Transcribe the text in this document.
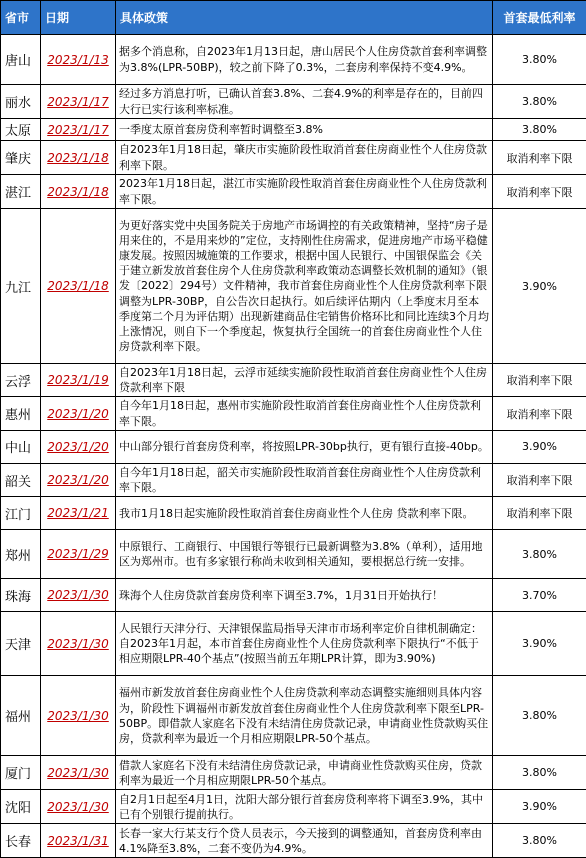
省市	日期	具体政策	首套最低利率
唐山	2023/1/13	据多个消息称，自2023年1月13日起，唐山居民个人住房贷款首套利率调整为3.8%(LPR-50BP)，较之前下降了0.3%，二套房利率保持不变4.9%。	3.80%
丽水	2023/1/17	经过多方消息打听，已确认首套3.8%、二套4.9%的利率是存在的，目前四大行已实行该利率标准。	3.80%
太原	2023/1/17	一季度太原首套房贷利率暂时调整至3.8%	3.80%
肇庆	2023/1/18	自2023年1月18日起，肇庆市实施阶段性取消首套住房商业性个人住房贷款利率下限。	取消利率下限
湛江	2023/1/18	2023年1月18日起，湛江市实施阶段性取消首套住房商业性个人住房贷款利率下限。	取消利率下限
九江	2023/1/18	为更好落实党中央国务院关于房地产市场调控的有关政策精神，坚持“房子是用来住的，不是用来炒的”定位，支持刚性住房需求，促进房地产市场平稳健康发展。按照因城施策的工作要求，根据中国人民银行、中国银保监会《关于建立新发放首套住房个人住房贷款利率政策动态调整长效机制的通知》（银发〔2022〕294号）文件精神，我市首套住房商业性个人住房贷款利率下限调整为LPR-30BP，自公告次日起执行。如后续评估期内（上季度末月至本季度第二个月为评估期）出现新建商品住宅销售价格环比和同比连续3个月均上涨情况，则自下一个季度起，恢复执行全国统一的首套住房商业性个人住房贷款利率下限。	3.90%
云浮	2023/1/19	自2023年1月18日起，云浮市延续实施阶段性取消首套住房商业性个人住房贷款利率下限	取消利率下限
惠州	2023/1/20	自今年1月18日起，惠州市实施阶段性取消首套住房商业性个人住房贷款利率下限。	取消利率下限
中山	2023/1/20	中山部分银行首套房贷利率，将按照LPR-30bp执行，更有银行直接-40bp。	3.90%
韶关	2023/1/20	自今年1月18日起，韶关市实施阶段性取消首套住房商业性个人住房贷款利率下限。	取消利率下限
江门	2023/1/21	我市1月18日起实施阶段性取消首套住房商业性个人住房 贷款利率下限。	取消利率下限
郑州	2023/1/29	中原银行、工商银行、中国银行等银行已最新调整为3.8%（单利），适用地区为郑州市。也有多家银行称尚未收到相关通知，要根据总行统一安排。	3.80%
珠海	2023/1/30	珠海个人住房贷款首套房贷利率下调至3.7%，1月31日开始执行！	3.70%
天津	2023/1/30	人民银行天津分行、天津银保监局指导天津市市场利率定价自律机制确定：自2023年1月起，本市首套住房商业性个人住房贷款利率下限执行“不低于相应期限LPR-40个基点”(按照当前五年期LPR计算，即为3.90%)	3.90%
福州	2023/1/30	福州市新发放首套住房商业性个人住房贷款利率动态调整实施细则具体内容为，阶段性下调福州市新发放首套住房商业性个人住房贷款利率下限至LPR-50BP。即借款人家庭名下没有未结清住房贷款记录，申请商业性贷款购买住房，贷款利率为最近一个月相应期限LPR-50个基点。	3.80%
厦门	2023/1/30	借款人家庭名下没有未结清住房贷款记录，申请商业性贷款购买住房，贷款利率为最近一个月相应期限LPR-50个基点。	3.80%
沈阳	2023/1/30	自2月1日起至4月1日，沈阳大部分银行首套房贷利率将下调至3.9%，其中已有个别银行提前执行。	3.90%
长春	2023/1/31	长春一家大行某支行个贷人员表示，今天接到的调整通知，首套房贷利率由4.1%降至3.8%，二套不变仍为4.9%。	3.80%
